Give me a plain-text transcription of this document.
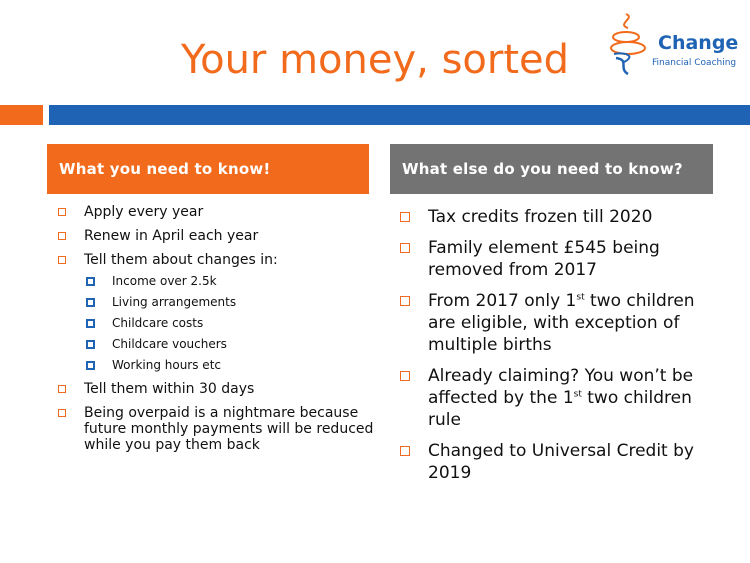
Your money, sorted	Change
Financial Coaching
What you need to know!	What else do you need to know?
Apply every year
Renew in April each year
Tell them about changes in:
Income over 2.5k
Living arrangements
Childcare costs
Childcare vouchers
Working hours etc
Tell them within 30 days
Being overpaid is a nightmare because future monthly payments will be reduced while you pay them back
Tax credits frozen till 2020
Family element £545 being removed from 2017
From 2017 only 1st two children are eligible, with exception of multiple births
Already claiming? You won’t be affected by the 1st two children rule
Changed to Universal Credit by 2019
